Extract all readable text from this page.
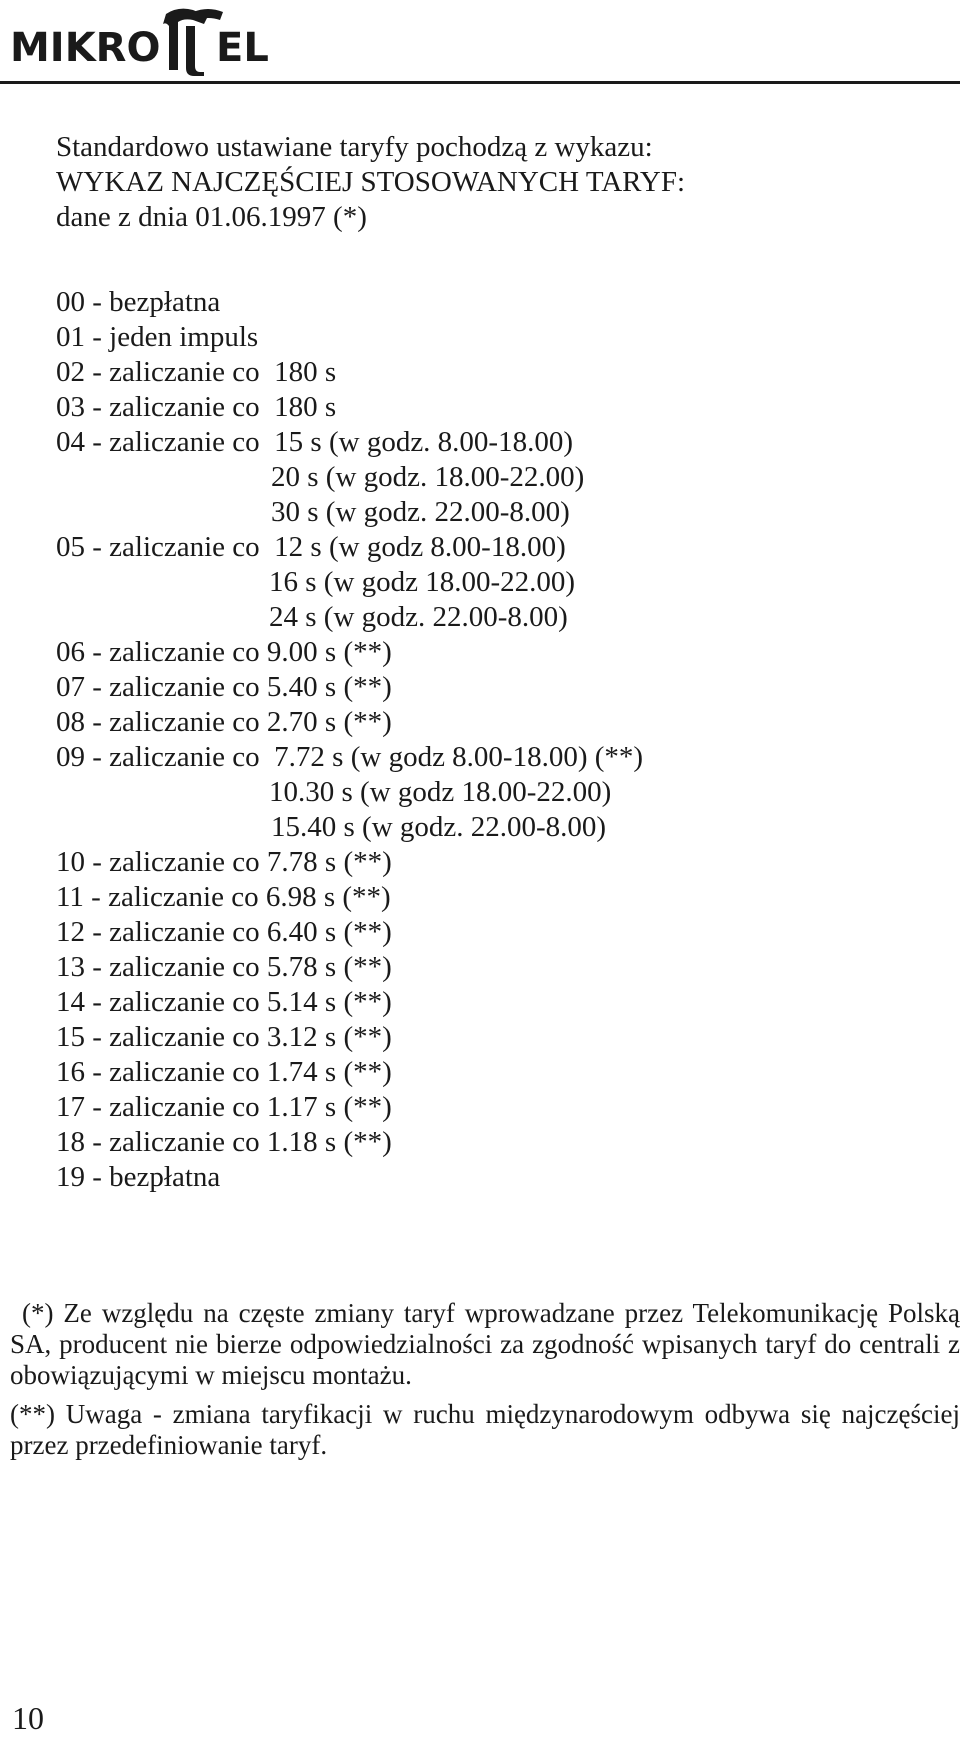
MIKRO EL
Standardowo ustawiane taryfy pochodzą z wykazu:
WYKAZ NAJCZĘŚCIEJ STOSOWANYCH TARYF:
dane z dnia 01.06.1997 (*)
00 - bezpłatna
01 - jeden impuls
02 - zaliczanie co  180 s
03 - zaliczanie co  180 s
04 - zaliczanie co  15 s (w godz. 8.00-18.00)
20 s (w godz. 18.00-22.00)
30 s (w godz. 22.00-8.00)
05 - zaliczanie co  12 s (w godz 8.00-18.00)
16 s (w godz 18.00-22.00)
24 s (w godz. 22.00-8.00)
06 - zaliczanie co 9.00 s (**)
07 - zaliczanie co 5.40 s (**)
08 - zaliczanie co 2.70 s (**)
09 - zaliczanie co  7.72 s (w godz 8.00-18.00) (**)
10.30 s (w godz 18.00-22.00)
15.40 s (w godz. 22.00-8.00)
10 - zaliczanie co 7.78 s (**)
11 - zaliczanie co 6.98 s (**)
12 - zaliczanie co 6.40 s (**)
13 - zaliczanie co 5.78 s (**)
14 - zaliczanie co 5.14 s (**)
15 - zaliczanie co 3.12 s (**)
16 - zaliczanie co 1.74 s (**)
17 - zaliczanie co 1.17 s (**)
18 - zaliczanie co 1.18 s (**)
19 - bezpłatna

(*) Ze względu na częste zmiany taryf wprowadzane przez Telekomunikację Polską SA, producent nie bierze odpowiedzialności za zgodność wpisanych taryf do centrali z obowiązującymi w miejscu montażu.

(**) Uwaga - zmiana taryfikacji w ruchu międzynarodowym odbywa się najczęściej przez przedefiniowanie taryf.

10
